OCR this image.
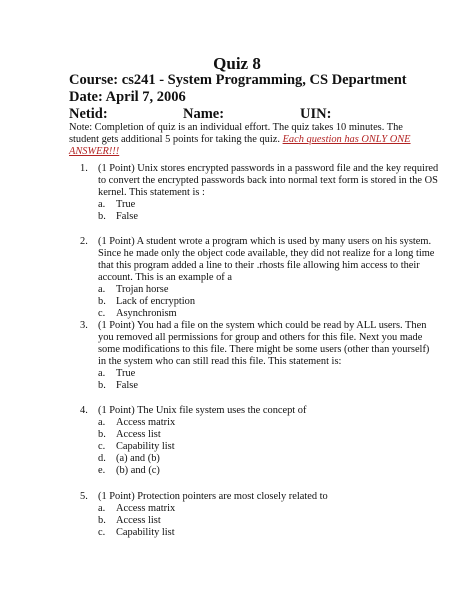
Quiz 8
Course: cs241 - System Programming, CS Department
Date: April 7, 2006
Netid:	Name:	UIN:
Note: Completion of quiz is an individual effort. The quiz takes 10 minutes. The student gets additional 5 points for taking the quiz. Each question has ONLY ONE ANSWER!!!
1. (1 Point) Unix stores encrypted passwords in a password file and the key required to convert the encrypted passwords back into normal text form is stored in the OS kernel. This statement is :
a. True
b. False
2. (1 Point) A student wrote a program which is used by many users on his system. Since he made only the object code available, they did not realize for a long time that this program added a line to their .rhosts file allowing him access to their account. This is an example of a
a. Trojan horse
b. Lack of encryption
c. Asynchronism
3. (1 Point) You had a file on the system which could be read by ALL users. Then you removed all permissions for group and others for this file. Next you made some modifications to this file. There might be some users (other than yourself) in the system who can still read this file. This statement is:
a. True
b. False
4. (1 Point) The Unix file system uses the concept of
a. Access matrix
b. Access list
c. Capability list
d. (a) and (b)
e. (b) and (c)
5. (1 Point) Protection pointers are most closely related to
a. Access matrix
b. Access list
c. Capability list
